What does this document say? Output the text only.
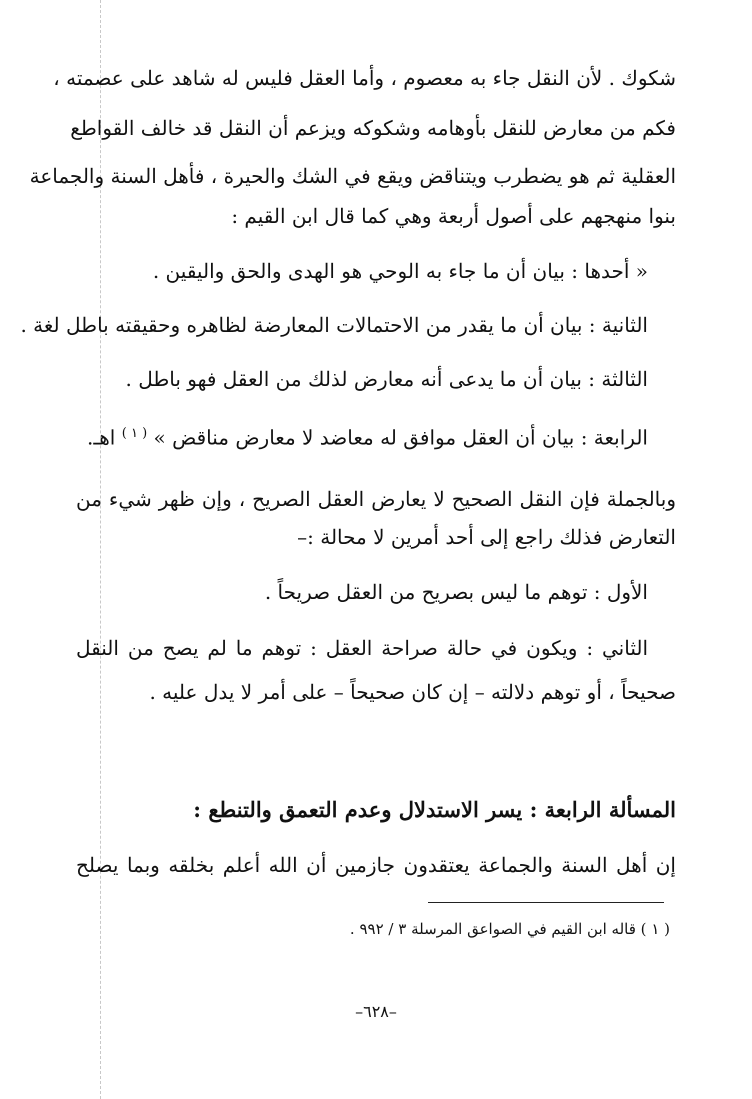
شكوك . لأن النقل جاء به معصوم ، وأما العقل فليس له شاهد على عصمته ،
فكم من معارض للنقل بأوهامه وشكوكه ويزعم أن النقل قد خالف القواطع
العقلية ثم هو يضطرب ويتناقض ويقع في الشك والحيرة ، فأهل السنة والجماعة
بنوا منهجهم على أصول أربعة وهي كما قال ابن القيم :
« أحدها : بيان أن ما جاء به الوحي هو الهدى والحق واليقين .
الثانية : بيان أن ما يقدر من الاحتمالات المعارضة لظاهره وحقيقته باطل لغة .
الثالثة : بيان أن ما يدعى أنه معارض لذلك من العقل فهو باطل .
الرابعة : بيان أن العقل موافق له معاضد لا معارض مناقض » $^{( ١ )}$ اهـ.
وبالجملة فإن النقل الصحيح لا يعارض العقل الصريح ، وإن ظهر شيء من
التعارض فذلك راجع إلى أحد أمرين لا محالة :–
الأول : توهم ما ليس بصريح من العقل صريحاً .
الثاني : ويكون في حالة صراحة العقل : توهم ما لم يصح من النقل
صحيحاً ، أو توهم دلالته – إن كان صحيحاً – على أمر لا يدل عليه .
المسألة الرابعة : يسر الاستدلال وعدم التعمق والتنطع :
إن أهل السنة والجماعة يعتقدون جازمين أن الله أعلم بخلقه وبما يصلح
( ١ ) قاله ابن القيم في الصواعق المرسلة ٣ / ٩٩٢ .
–٦٢٨–
